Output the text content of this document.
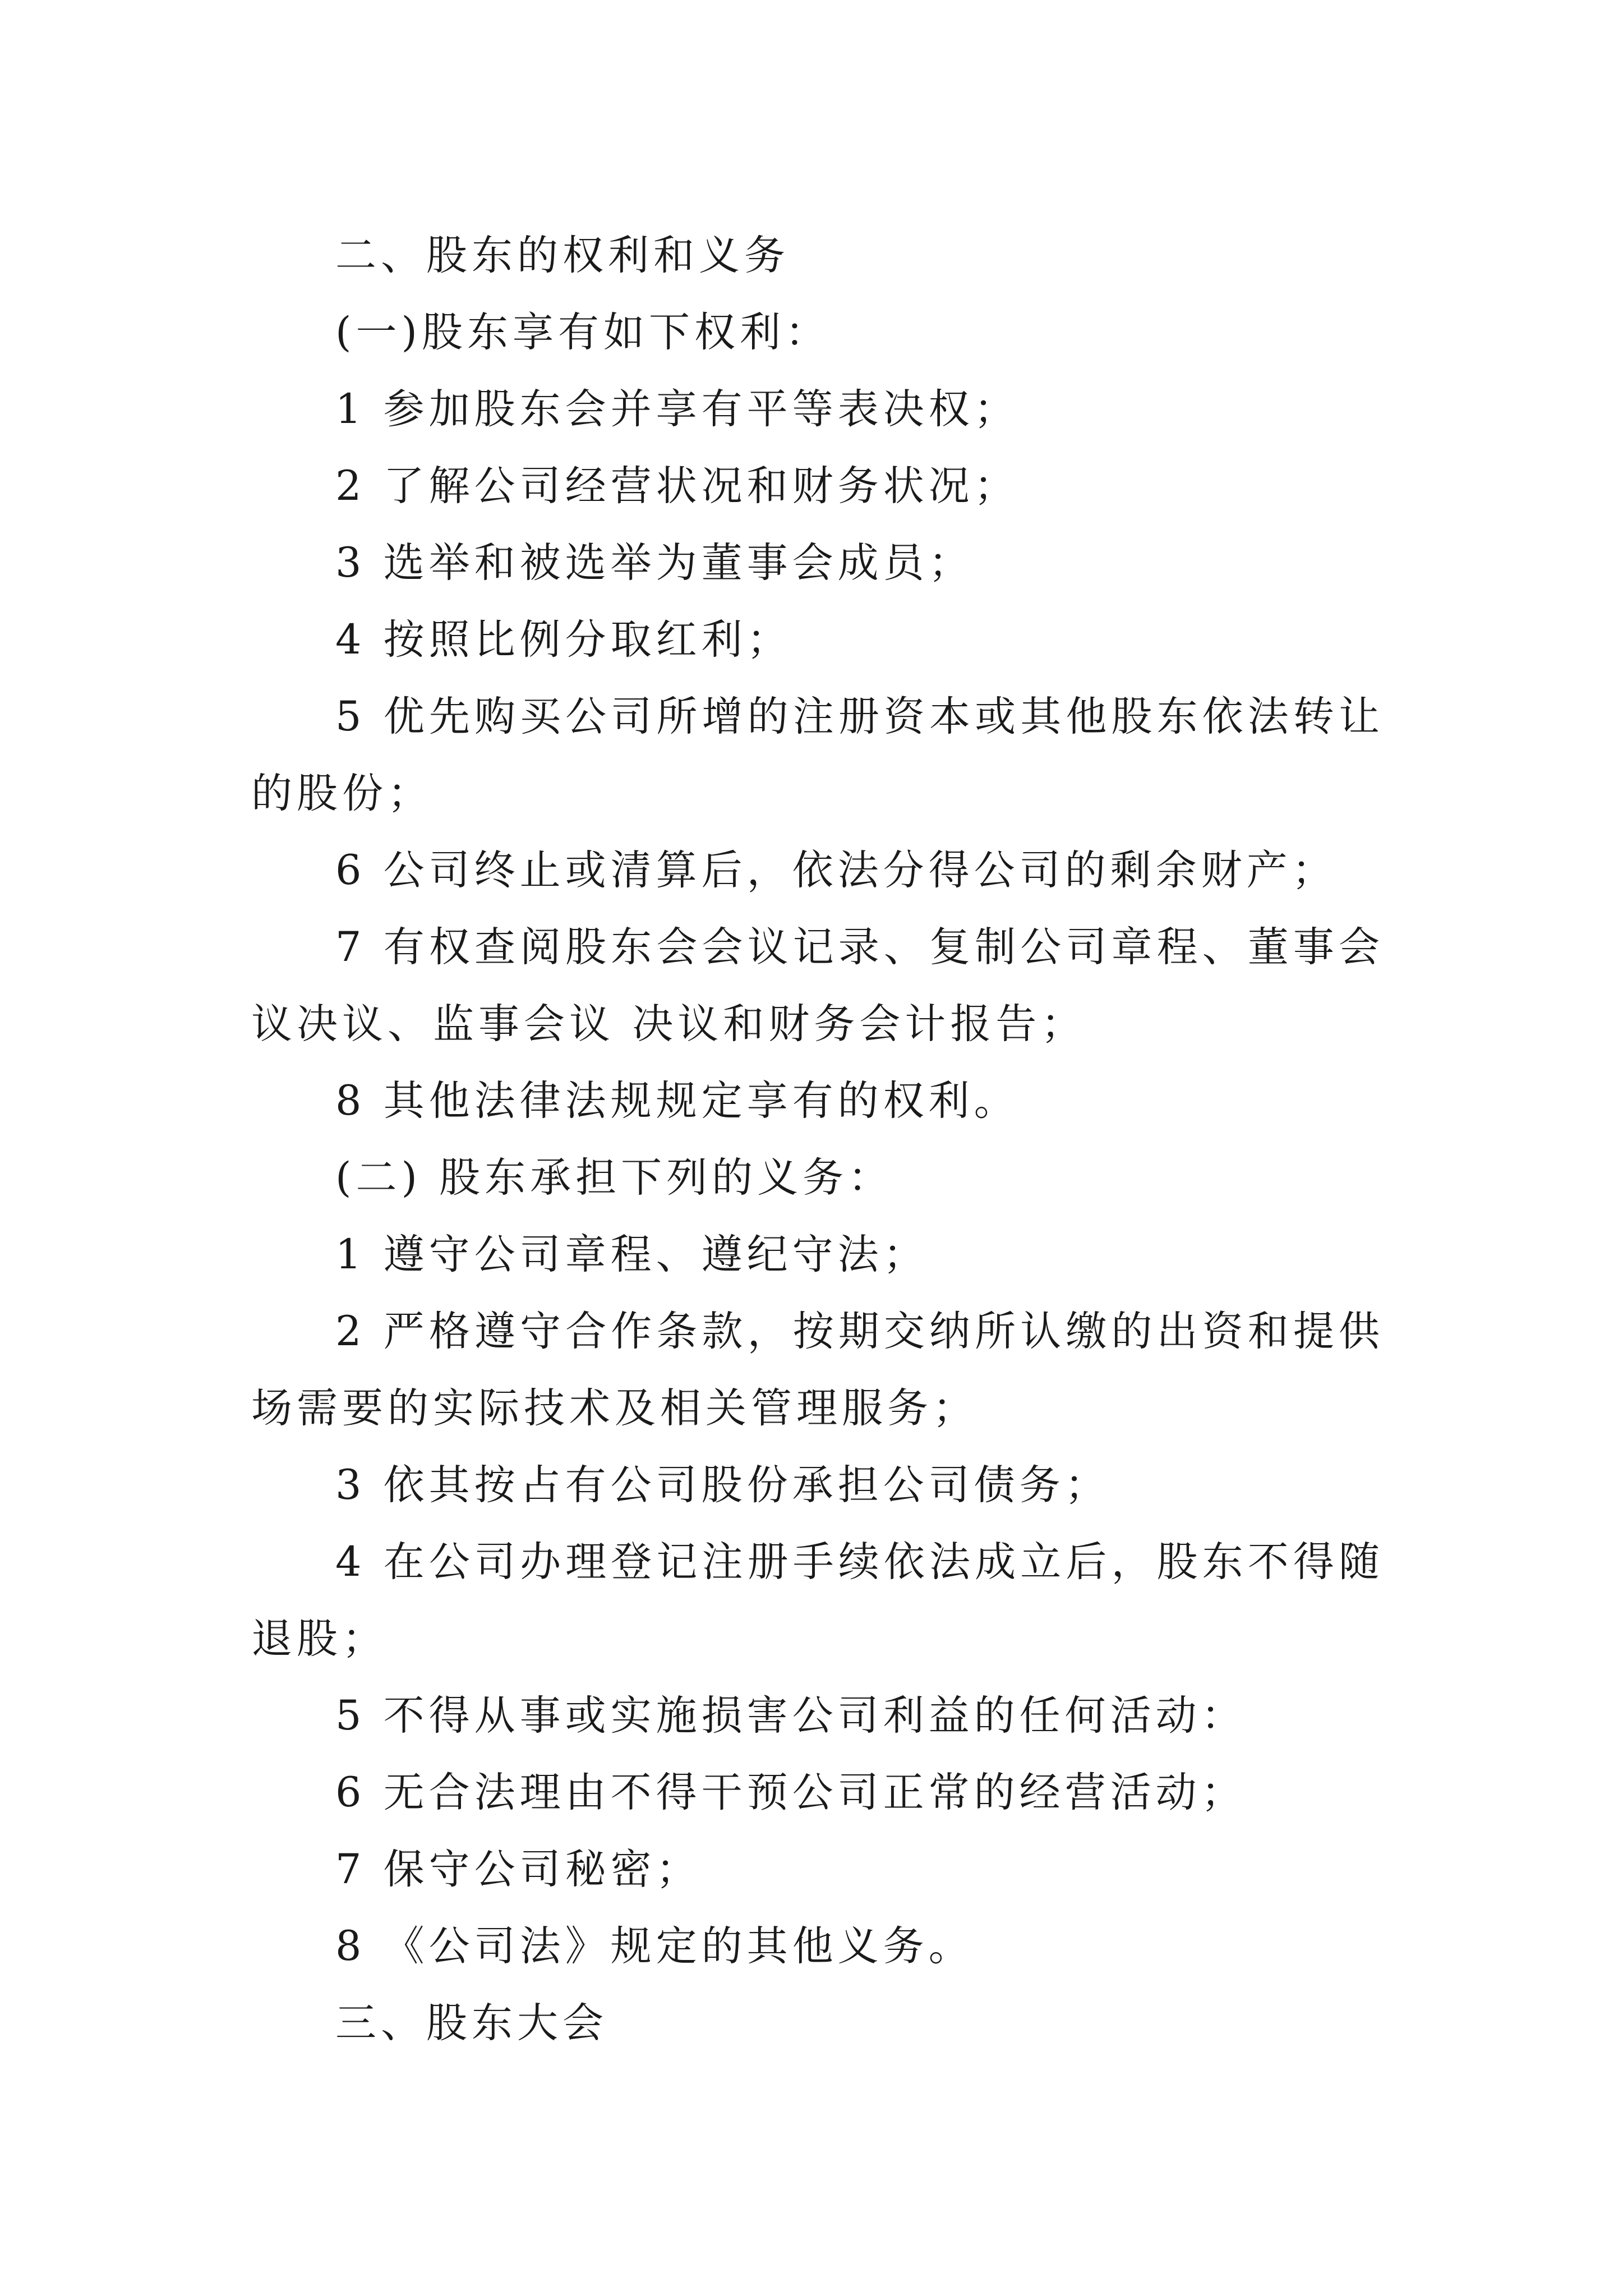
二、股东的权利和义务

(一)股东享有如下权利：

1 参加股东会并享有平等表决权；

2 了解公司经营状况和财务状况；

3 选举和被选举为董事会成员；

4 按照比例分取红利；

5 优先购买公司所增的注册资本或其他股东依法转让

的股份；

6 公司终止或清算后，依法分得公司的剩余财产；

7 有权查阅股东会会议记录、复制公司章程、董事会

议决议、监事会议 决议和财务会计报告；

8 其他法律法规规定享有的权利。

(二) 股东承担下列的义务：

1 遵守公司章程、遵纪守法；

2 严格遵守合作条款，按期交纳所认缴的出资和提供

场需要的实际技术及相关管理服务；

3 依其按占有公司股份承担公司债务；

4 在公司办理登记注册手续依法成立后，股东不得随

退股；

5 不得从事或实施损害公司利益的任何活动：

6 无合法理由不得干预公司正常的经营活动；

7 保守公司秘密；

8 《公司法》规定的其他义务。

三、股东大会
